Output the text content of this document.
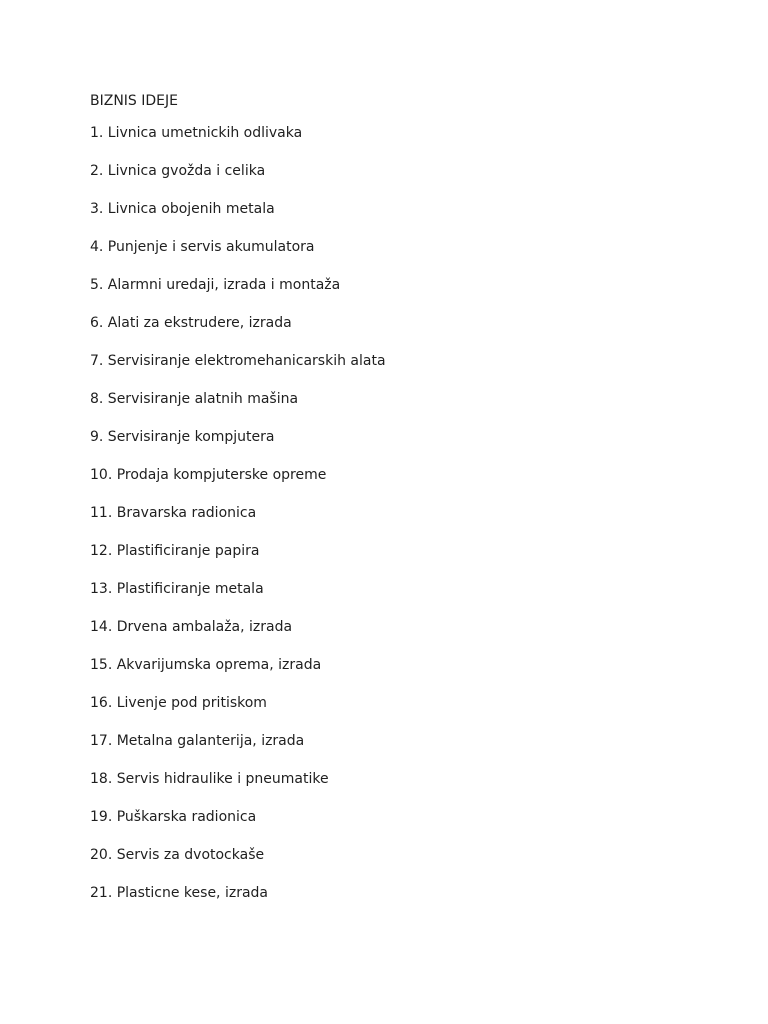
BIZNIS IDEJE
1. Livnica umetnickih odlivaka
2. Livnica gvožda i celika
3. Livnica obojenih metala
4. Punjenje i servis akumulatora
5. Alarmni uredaji, izrada i montaža
6. Alati za ekstrudere, izrada
7. Servisiranje elektromehanicarskih alata
8. Servisiranje alatnih mašina
9. Servisiranje kompjutera
10. Prodaja kompjuterske opreme
11. Bravarska radionica
12. Plastificiranje papira
13. Plastificiranje metala
14. Drvena ambalaža, izrada
15. Akvarijumska oprema, izrada
16. Livenje pod pritiskom
17. Metalna galanterija, izrada
18. Servis hidraulike i pneumatike
19. Puškarska radionica
20. Servis za dvotockaše
21. Plasticne kese, izrada
